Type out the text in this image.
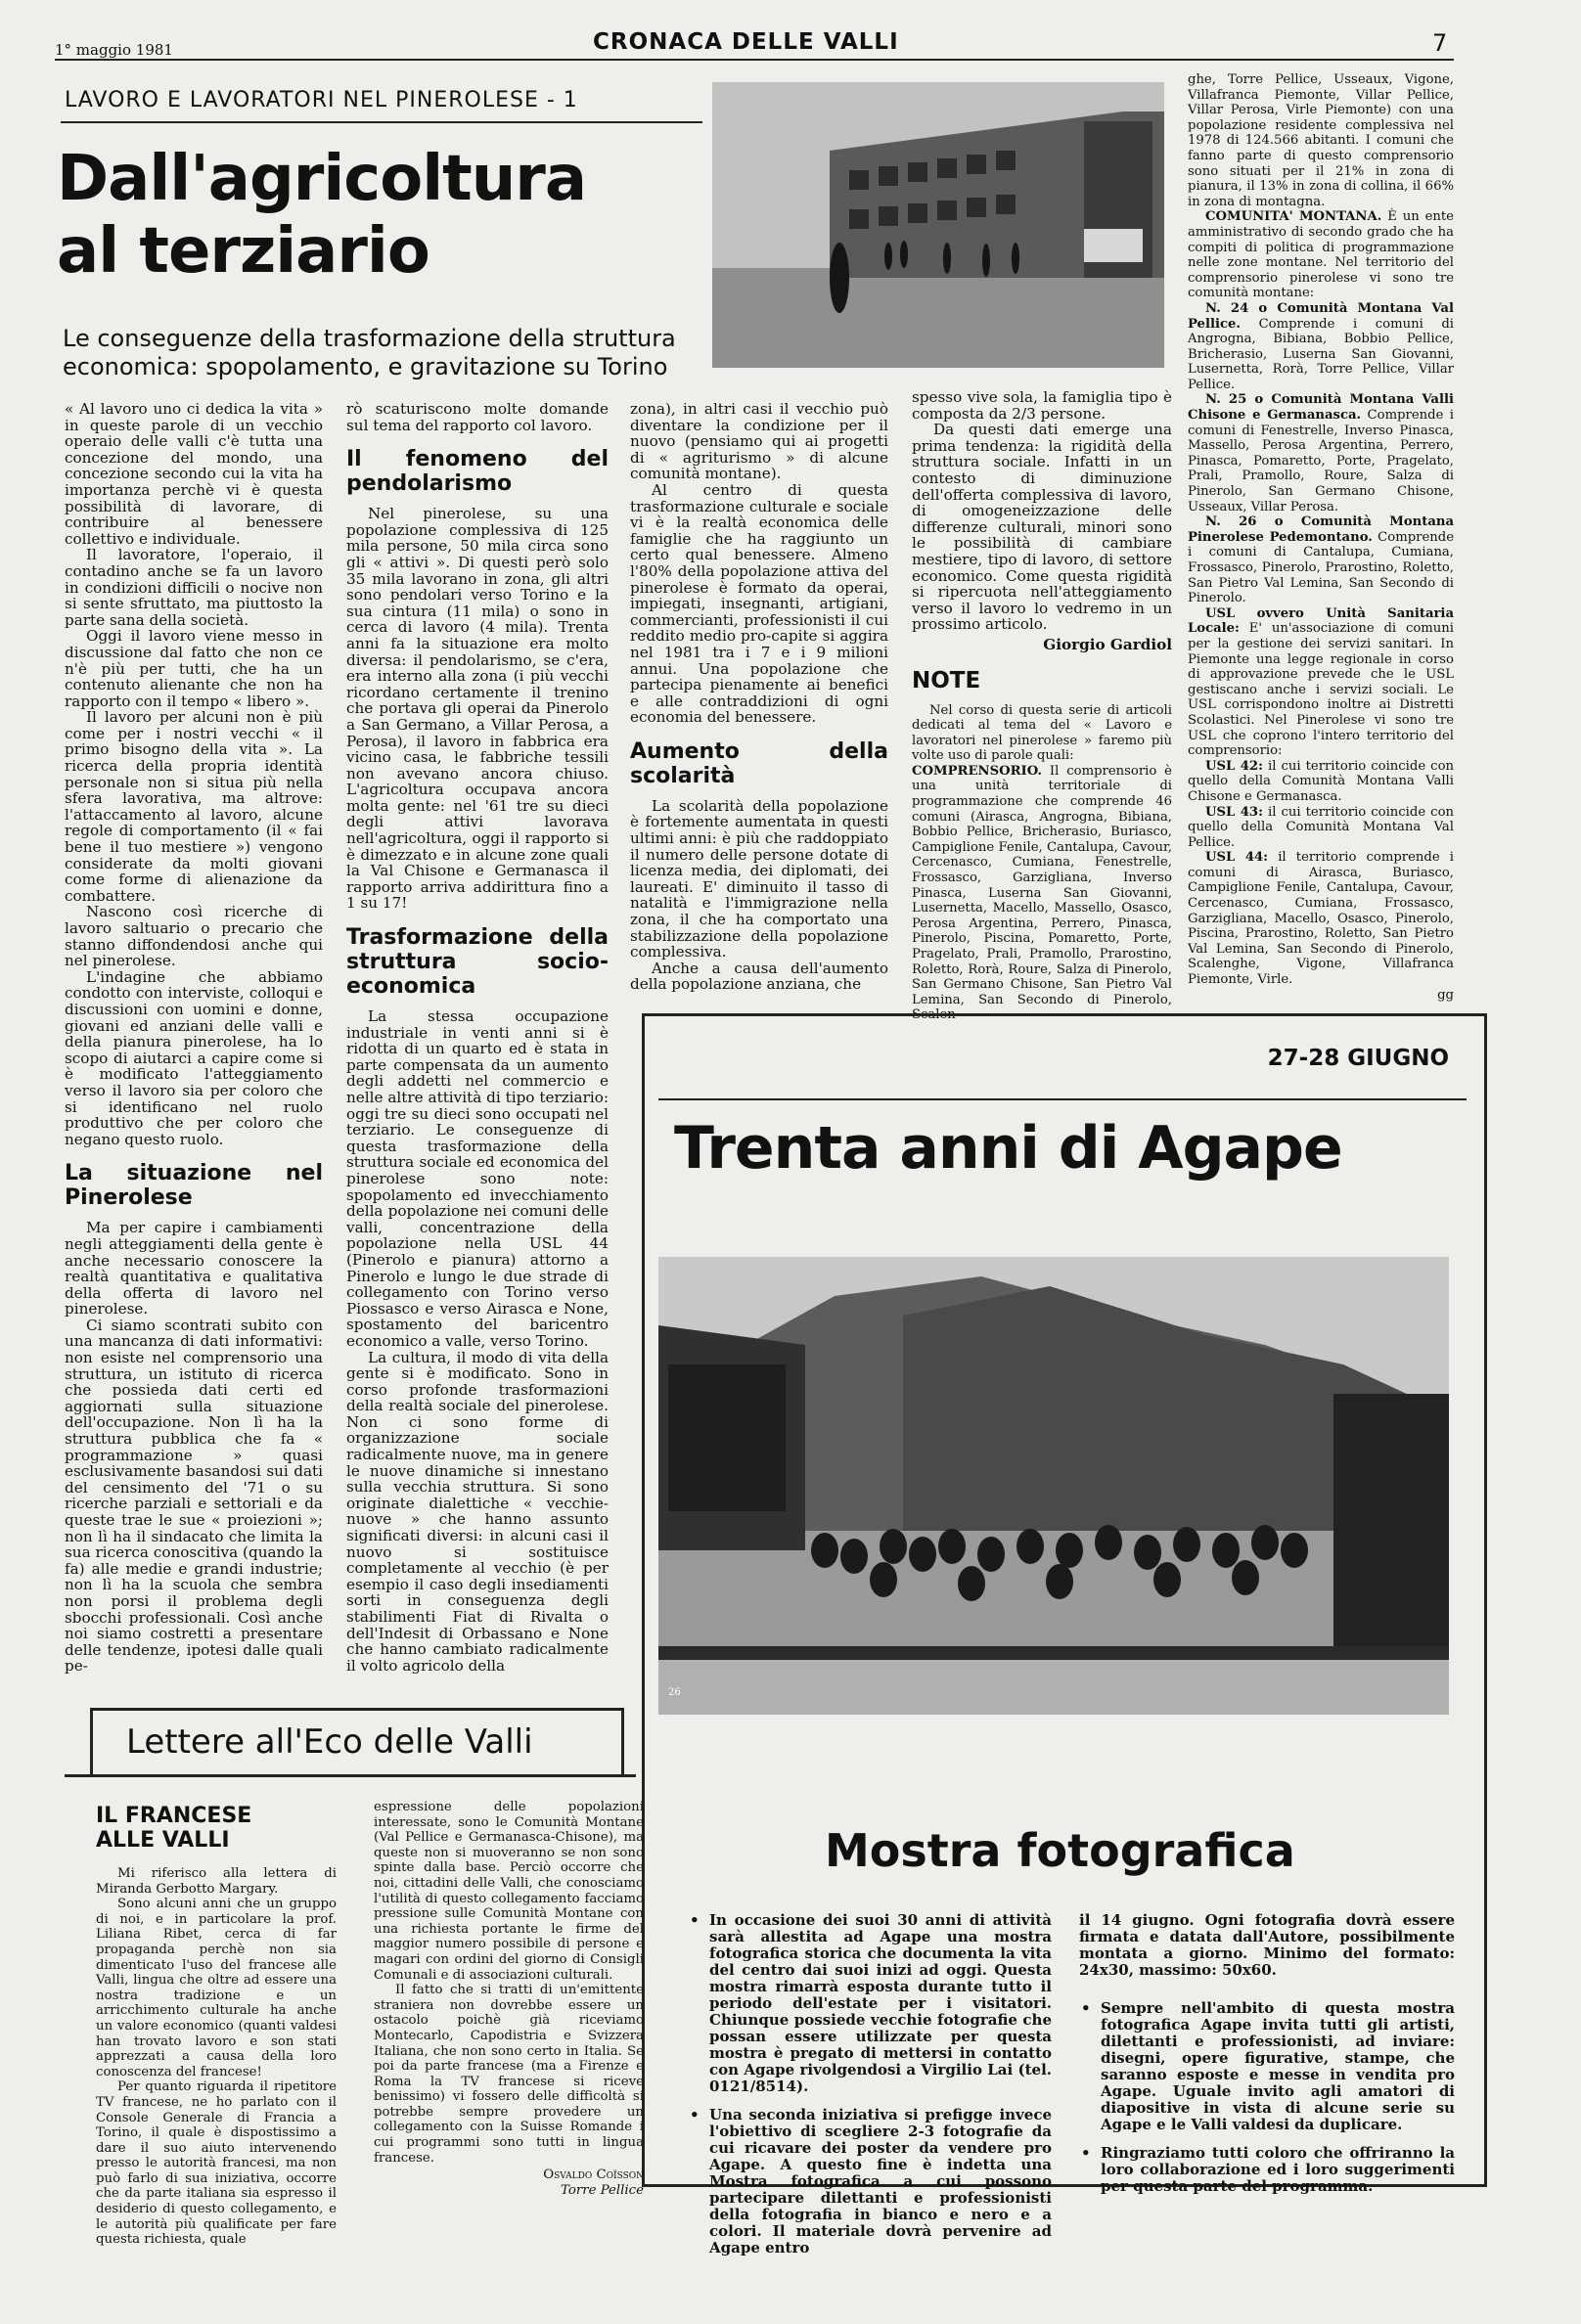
1° maggio 1981	CRONACA DELLE VALLI	7
LAVORO E LAVORATORI NEL PINEROLESE - 1
Dall'agricoltura
al terziario
Le conseguenze della trasformazione della struttura
economica: spopolamento, e gravitazione su Torino

« Al lavoro uno ci dedica la vita » in queste parole di un vecchio operaio delle valli c'è tutta una concezione del mondo, una concezione secondo cui la vita ha importanza perchè vi è questa possibilità di lavorare, di contribuire al benessere collettivo e individuale.

Il lavoratore, l'operaio, il contadino anche se fa un lavoro in condizioni difficili o nocive non si sente sfruttato, ma piuttosto la parte sana della società.

Oggi il lavoro viene messo in discussione dal fatto che non ce n'è più per tutti, che ha un contenuto alienante che non ha rapporto con il tempo « libero ».

Il lavoro per alcuni non è più come per i nostri vecchi « il primo bisogno della vita ». La ricerca della propria identità personale non si situa più nella sfera lavorativa, ma altrove: l'attaccamento al lavoro, alcune regole di comportamento (il « fai bene il tuo mestiere ») vengono considerate da molti giovani come forme di alienazione da combattere.

Nascono così ricerche di lavoro saltuario o precario che stanno diffondendosi anche qui nel pinerolese.

L'indagine che abbiamo condotto con interviste, colloqui e discussioni con uomini e donne, giovani ed anziani delle valli e della pianura pinerolese, ha lo scopo di aiutarci a capire come si è modificato l'atteggiamento verso il lavoro sia per coloro che si identificano nel ruolo produttivo che per coloro che negano questo ruolo.

La situazione nel Pinerolese

Ma per capire i cambiamenti negli atteggiamenti della gente è anche necessario conoscere la realtà quantitativa e qualitativa della offerta di lavoro nel pinerolese.

Ci siamo scontrati subito con una mancanza di dati informativi: non esiste nel comprensorio una struttura, un istituto di ricerca che possieda dati certi ed aggiornati sulla situazione dell'occupazione. Non lì ha la struttura pubblica che fa « programmazione » quasi esclusivamente basandosi sui dati del censimento del '71 o su ricerche parziali e settoriali e da queste trae le sue « proiezioni »; non lì ha il sindacato che limita la sua ricerca conoscitiva (quando la fa) alle medie e grandi industrie; non lì ha la scuola che sembra non porsi il problema degli sbocchi professionali. Così anche noi siamo costretti a presentare delle tendenze, ipotesi dalle quali pe-

rò scaturiscono molte domande sul tema del rapporto col lavoro.

Il fenomeno del pendolarismo

Nel pinerolese, su una popolazione complessiva di 125 mila persone, 50 mila circa sono gli « attivi ». Di questi però solo 35 mila lavorano in zona, gli altri sono pendolari verso Torino e la sua cintura (11 mila) o sono in cerca di lavoro (4 mila). Trenta anni fa la situazione era molto diversa: il pendolarismo, se c'era, era interno alla zona (i più vecchi ricordano certamente il trenino che portava gli operai da Pinerolo a San Germano, a Villar Perosa, a Perosa), il lavoro in fabbrica era vicino casa, le fabbriche tessili non avevano ancora chiuso. L'agricoltura occupava ancora molta gente: nel '61 tre su dieci degli attivi lavorava nell'agricoltura, oggi il rapporto si è dimezzato e in alcune zone quali la Val Chisone e Germanasca il rapporto arriva addirittura fino a 1 su 17!

Trasformazione della struttura socio-economica

La stessa occupazione industriale in venti anni si è ridotta di un quarto ed è stata in parte compensata da un aumento degli addetti nel commercio e nelle altre attività di tipo terziario: oggi tre su dieci sono occupati nel terziario. Le conseguenze di questa trasformazione della struttura sociale ed economica del pinerolese sono note: spopolamento ed invecchiamento della popolazione nei comuni delle valli, concentrazione della popolazione nella USL 44 (Pinerolo e pianura) attorno a Pinerolo e lungo le due strade di collegamento con Torino verso Piossasco e verso Airasca e None, spostamento del baricentro economico a valle, verso Torino.

La cultura, il modo di vita della gente si è modificato. Sono in corso profonde trasformazioni della realtà sociale del pinerolese. Non ci sono forme di organizzazione sociale radicalmente nuove, ma in genere le nuove dinamiche si innestano sulla vecchia struttura. Si sono originate dialettiche « vecchie-nuove » che hanno assunto significati diversi: in alcuni casi il nuovo si sostituisce completamente al vecchio (è per esempio il caso degli insediamenti sorti in conseguenza degli stabilimenti Fiat di Rivalta o dell'Indesit di Orbassano e None che hanno cambiato radicalmente il volto agricolo della

zona), in altri casi il vecchio può diventare la condizione per il nuovo (pensiamo qui ai progetti di « agriturismo » di alcune comunità montane).

Al centro di questa trasformazione culturale e sociale vi è la realtà economica delle famiglie che ha raggiunto un certo qual benessere. Almeno l'80% della popolazione attiva del pinerolese è formato da operai, impiegati, insegnanti, artigiani, commercianti, professionisti il cui reddito medio pro-capite si aggira nel 1981 tra i 7 e i 9 milioni annui. Una popolazione che partecipa pienamente ai benefici e alle contraddizioni di ogni economia del benessere.

Aumento della scolarità

La scolarità della popolazione è fortemente aumentata in questi ultimi anni: è più che raddoppiato il numero delle persone dotate di licenza media, dei diplomati, dei laureati. E' diminuito il tasso di natalità e l'immigrazione nella zona, il che ha comportato una stabilizzazione della popolazione complessiva.

Anche a causa dell'aumento della popolazione anziana, che

spesso vive sola, la famiglia tipo è composta da 2/3 persone.

Da questi dati emerge una prima tendenza: la rigidità della struttura sociale. Infatti in un contesto di diminuzione dell'offerta complessiva di lavoro, di omogeneizzazione delle differenze culturali, minori sono le possibilità di cambiare mestiere, tipo di lavoro, di settore economico. Come questa rigidità si ripercuota nell'atteggiamento verso il lavoro lo vedremo in un prossimo articolo.

Giorgio Gardiol
NOTE

Nel corso di questa serie di articoli dedicati al tema del « Lavoro e lavoratori nel pinerolese » faremo più volte uso di parole quali:

COMPRENSORIO. Il comprensorio è una unità territoriale di programmazione che comprende 46 comuni (Airasca, Angrogna, Bibiana, Bobbio Pellice, Bricherasio, Buriasco, Campiglione Fenile, Cantalupa, Cavour, Cercenasco, Cumiana, Fenestrelle, Frossasco, Garzigliana, Inverso Pinasca, Luserna San Giovanni, Lusernetta, Macello, Massello, Osasco, Perosa Argentina, Perrero, Pinasca, Pinerolo, Piscina, Pomaretto, Porte, Pragelato, Prali, Pramollo, Prarostino, Roletto, Rorà, Roure, Salza di Pinerolo, San Germano Chisone, San Pietro Val Lemina, San Secondo di Pinerolo, Scalen-

ghe, Torre Pellice, Usseaux, Vigone, Villafranca Piemonte, Villar Pellice, Villar Perosa, Virle Piemonte) con una popolazione residente complessiva nel 1978 di 124.566 abitanti. I comuni che fanno parte di questo comprensorio sono situati per il 21% in zona di pianura, il 13% in zona di collina, il 66% in zona di montagna.

COMUNITA' MONTANA. È un ente amministrativo di secondo grado che ha compiti di politica di programmazione nelle zone montane. Nel territorio del comprensorio pinerolese vi sono tre comunità montane:

N. 24 o Comunità Montana Val Pellice. Comprende i comuni di Angrogna, Bibiana, Bobbio Pellice, Bricherasio, Luserna San Giovanni, Lusernetta, Rorà, Torre Pellice, Villar Pellice.

N. 25 o Comunità Montana Valli Chisone e Germanasca. Comprende i comuni di Fenestrelle, Inverso Pinasca, Massello, Perosa Argentina, Perrero, Pinasca, Pomaretto, Porte, Pragelato, Prali, Pramollo, Roure, Salza di Pinerolo, San Germano Chisone, Usseaux, Villar Perosa.

N. 26 o Comunità Montana Pinerolese Pedemontano. Comprende i comuni di Cantalupa, Cumiana, Frossasco, Pinerolo, Prarostino, Roletto, San Pietro Val Lemina, San Secondo di Pinerolo.

USL ovvero Unità Sanitaria Locale: E' un'associazione di comuni per la gestione dei servizi sanitari. In Piemonte una legge regionale in corso di approvazione prevede che le USL gestiscano anche i servizi sociali. Le USL corrispondono inoltre ai Distretti Scolastici. Nel Pinerolese vi sono tre USL che coprono l'intero territorio del comprensorio:

USL 42: il cui territorio coincide con quello della Comunità Montana Valli Chisone e Germanasca.

USL 43: il cui territorio coincide con quello della Comunità Montana Val Pellice.

USL 44: il territorio comprende i comuni di Airasca, Buriasco, Campiglione Fenile, Cantalupa, Cavour, Cercenasco, Cumiana, Frossasco, Garzigliana, Macello, Osasco, Pinerolo, Piscina, Prarostino, Roletto, San Pietro Val Lemina, San Secondo di Pinerolo, Scalenghe, Vigone, Villafranca Piemonte, Virle.

gg
27-28 GIUGNO
Trenta anni di Agape
26
Mostra fotografica
• In occasione dei suoi 30 anni di attività sarà allestita ad Agape una mostra fotografica storica che documenta la vita del centro dai suoi inizi ad oggi. Questa mostra rimarrà esposta durante tutto il periodo dell'estate per i visitatori. Chiunque possiede vecchie fotografie che possan essere utilizzate per questa mostra è pregato di mettersi in contatto con Agape rivolgendosi a Virgilio Lai (tel. 0121/8514).
• Una seconda iniziativa si prefigge invece l'obiettivo di scegliere 2-3 fotografie da cui ricavare dei poster da vendere pro Agape. A questo fine è indetta una Mostra fotografica a cui possono partecipare dilettanti e professionisti della fotografia in bianco e nero e a colori. Il materiale dovrà pervenire ad Agape entro
il 14 giugno. Ogni fotografia dovrà essere firmata e datata dall'Autore, possibilmente montata a giorno. Minimo del formato: 24x30, massimo: 50x60.
• Sempre nell'ambito di questa mostra fotografica Agape invita tutti gli artisti, dilettanti e professionisti, ad inviare: disegni, opere figurative, stampe, che saranno esposte e messe in vendita pro Agape. Uguale invito agli amatori di diapositive in vista di alcune serie su Agape e le Valli valdesi da duplicare.
• Ringraziamo tutti coloro che offriranno la loro collaborazione ed i loro suggerimenti per questa parte del programma.
Lettere all'Eco delle Valli
IL FRANCESE ALLE VALLI

Mi riferisco alla lettera di Miranda Gerbotto Margary.

Sono alcuni anni che un gruppo di noi, e in particolare la prof. Liliana Ribet, cerca di far propaganda perchè non sia dimenticato l'uso del francese alle Valli, lingua che oltre ad essere una nostra tradizione e un arricchimento culturale ha anche un valore economico (quanti valdesi han trovato lavoro e son stati apprezzati a causa della loro conoscenza del francese!

Per quanto riguarda il ripetitore TV francese, ne ho parlato con il Console Generale di Francia a Torino, il quale è dispostissimo a dare il suo aiuto intervenendo presso le autorità francesi, ma non può farlo di sua iniziativa, occorre che da parte italiana sia espresso il desiderio di questo collegamento, e le autorità più qualificate per fare questa richiesta, quale

espressione delle popolazioni interessate, sono le Comunità Montane (Val Pellice e Germanasca-Chisone), ma queste non si muoveranno se non sono spinte dalla base. Perciò occorre che noi, cittadini delle Valli, che conosciamo l'utilità di questo collegamento facciamo pressione sulle Comunità Montane con una richiesta portante le firme del maggior numero possibile di persone e magari con ordini del giorno di Consigli Comunali e di associazioni culturali.

Il fatto che si tratti di un'emittente straniera non dovrebbe essere un ostacolo poichè già riceviamo Montecarlo, Capodistria e Svizzera Italiana, che non sono certo in Italia. Se poi da parte francese (ma a Firenze e Roma la TV francese si riceve benissimo) vi fossero delle difficoltà si potrebbe sempre provedere un collegamento con la Suisse Romande i cui programmi sono tutti in lingua francese.

Osvaldo Coïsson
Torre Pellice
